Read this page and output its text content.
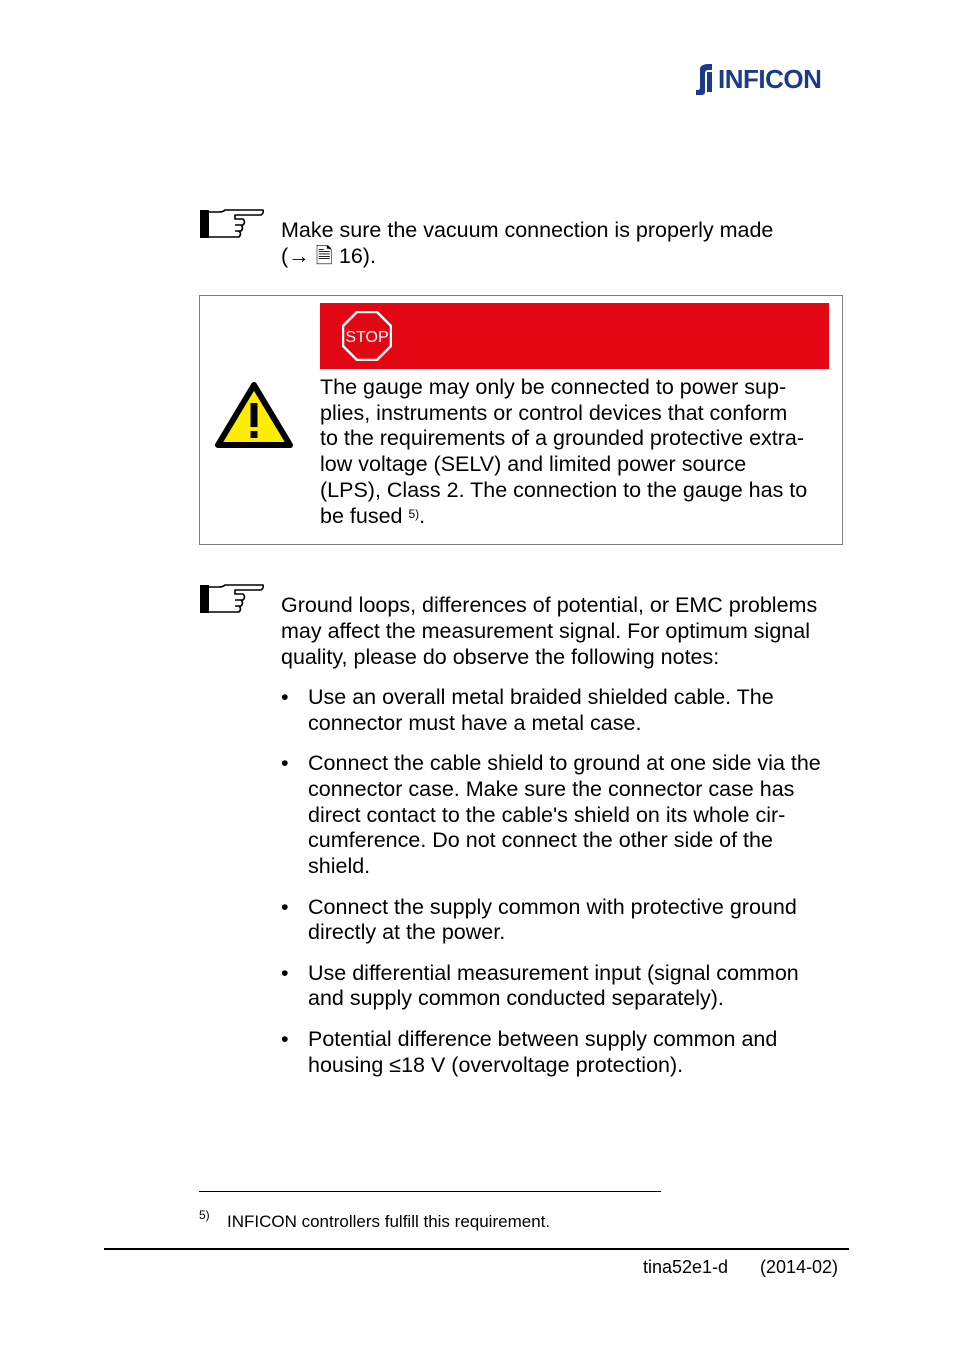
INFICON
Make sure the vacuum connection is properly made
(→ 🗎 16).
STOP
The gauge may only be connected to power sup-
plies, instruments or control devices that conform
to the requirements of a grounded protective extra-
low voltage (SELV) and limited power source
(LPS), Class 2. The connection to the gauge has to
be fused $^{5)}$.
Ground loops, differences of potential, or EMC problems
may affect the measurement signal. For optimum signal
quality, please do observe the following notes:
• Use an overall metal braided shielded cable. The
connector must have a metal case.
• Connect the cable shield to ground at one side via the
connector case. Make sure the connector case has
direct contact to the cable's shield on its whole cir-
cumference. Do not connect the other side of the
shield.
• Connect the supply common with protective ground
directly at the power.
• Use differential measurement input (signal common
and supply common conducted separately).
• Potential difference between supply common and
housing ≤18 V (overvoltage protection).
5) INFICON controllers fulfill this requirement.
tina52e1-d (2014-02)
